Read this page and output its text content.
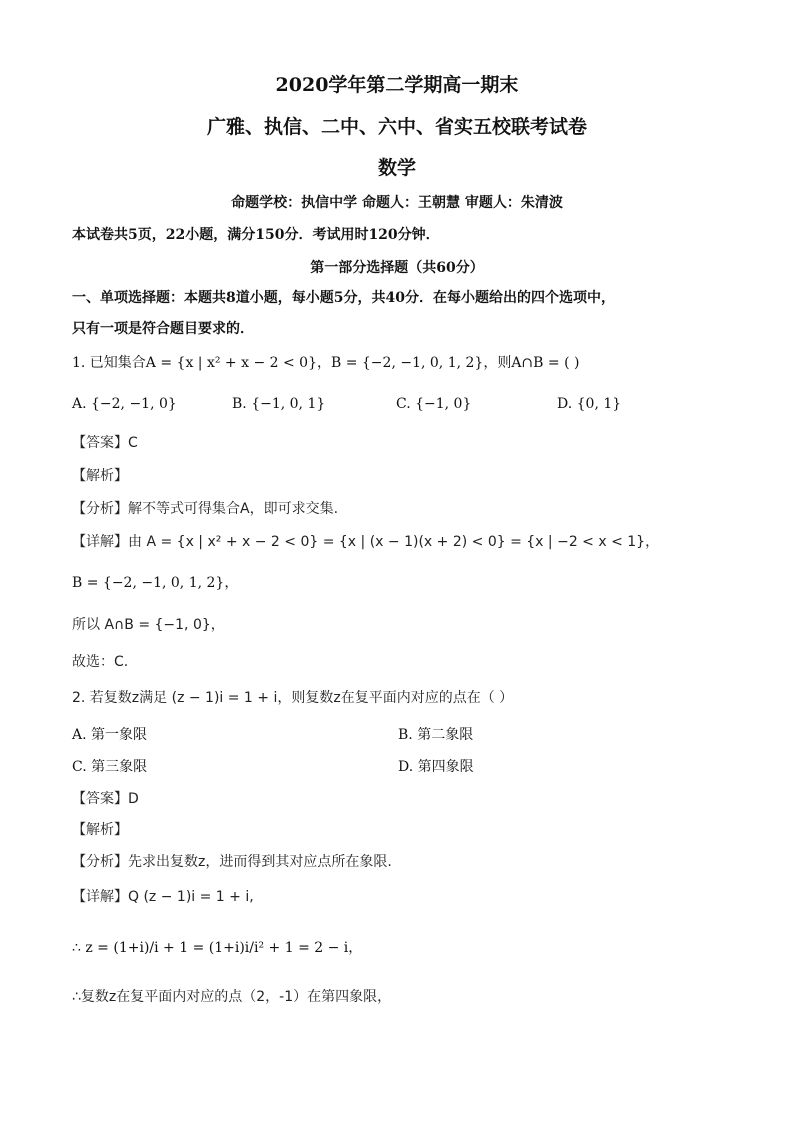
2020学年第二学期高一期末
广雅、执信、二中、六中、省实五校联考试卷
数学
命题学校：执信中学 命题人：王朝慧 审题人：朱清波
本试卷共5页，22小题，满分150分．考试用时120分钟．
第一部分选择题（共60分）
一、单项选择题：本题共8道小题，每小题5分，共40分．在每小题给出的四个选项中，
只有一项是符合题目要求的．
1. 已知集合A = {x | x² + x − 2 < 0}，B = {−2, −1, 0, 1, 2}，则A∩B = ( )
A. {−2, −1, 0}	B. {−1, 0, 1}	C. {−1, 0}	D. {0, 1}
【答案】C
【解析】
【分析】解不等式可得集合A，即可求交集.
【详解】由 A = {x | x² + x − 2 < 0} = {x | (x − 1)(x + 2) < 0} = {x | −2 < x < 1}，
B = {−2, −1, 0, 1, 2}，
所以 A∩B = {−1, 0}，
故选：C.
2. 若复数z满足 (z − 1)i = 1 + i，则复数z在复平面内对应的点在（ ）
A. 第一象限	B. 第二象限
C. 第三象限	D. 第四象限
【答案】D
【解析】
【分析】先求出复数z，进而得到其对应点所在象限.
【详解】Q (z − 1)i = 1 + i,
∴ z = (1+i)/i + 1 = (1+i)i/i² + 1 = 2 − i，
∴复数z在复平面内对应的点（2，-1）在第四象限，
